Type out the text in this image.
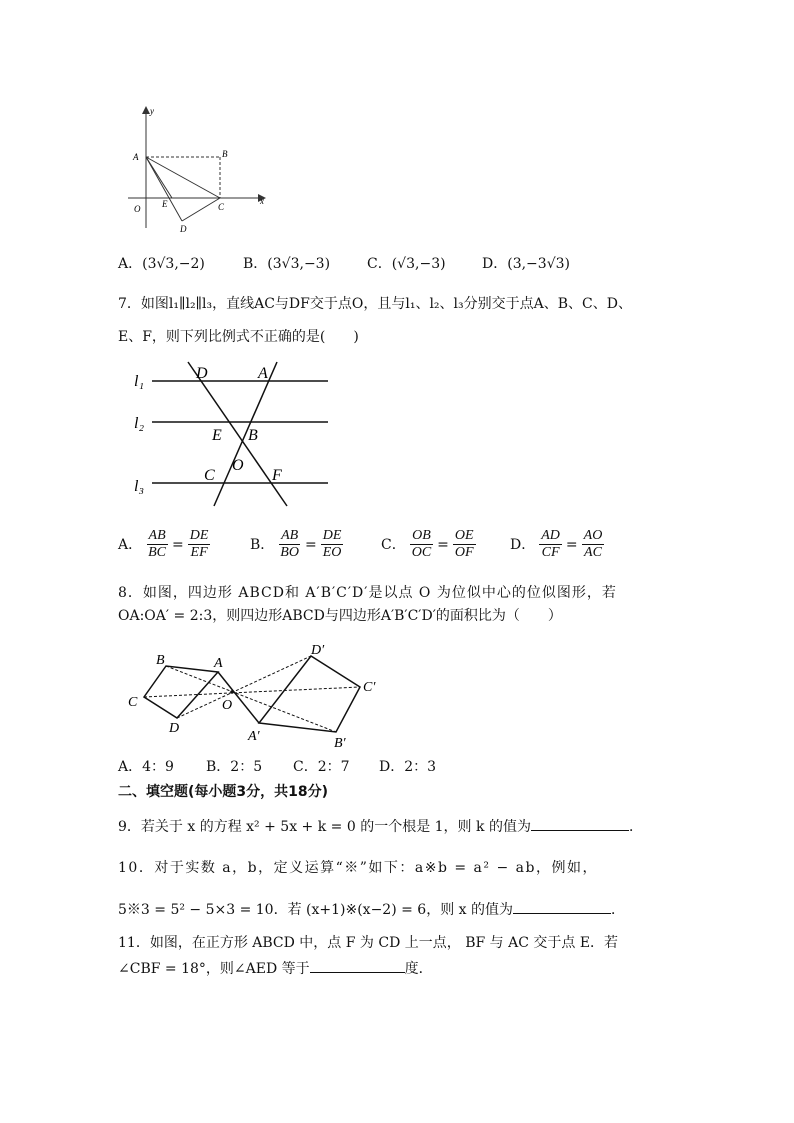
y
x
O
A	B
C
D
E
A．(3√3,−2)	B．(3√3,−3)	C．(√3,−3)	D．(3,−3√3)
7．如图l₁∥l₂∥l₃，直线AC与DF交于点O，且与l₁、l₂、l₃分别交于点A、B、C、D、
E、F，则下列比例式不正确的是(　　)
l₁
l₂
l₃
D	A
E B
O
C	F
A． $\frac{AB}{BC} = \frac{DE}{EF}$	B． $\frac{AB}{BO} = \frac{DE}{EO}$	C． $\frac{OB}{OC} = \frac{OE}{OF}$ D． $\frac{AD}{CF} = \frac{AO}{AC}$
8．如图，四边形 ABCD和 A′B′C′D′是以点 O 为位似中心的位似图形，若
OA:OA′ = 2:3，则四边形ABCD与四边形A′B′C′D′的面积比为（　　）
B	A
C
D
O
D′
C′
A′	B′
A．4：9 B．2：5 C．2：7 D．2：3
二、填空题(每小题3分，共18分)
9．若关于 x 的方程 x² + 5x + k = 0 的一个根是 1，则 k 的值为	．
10．对于实数 a，b，定义运算“※”如下：a※b = a² − ab，例如，
5※3 = 5² − 5×3 = 10．若 (x+1)※(x−2) = 6，则 x 的值为	．
11．如图，在正方形 ABCD 中，点 F 为 CD 上一点， BF 与 AC 交于点 E．若
∠CBF = 18°，则∠AED 等于	度．
